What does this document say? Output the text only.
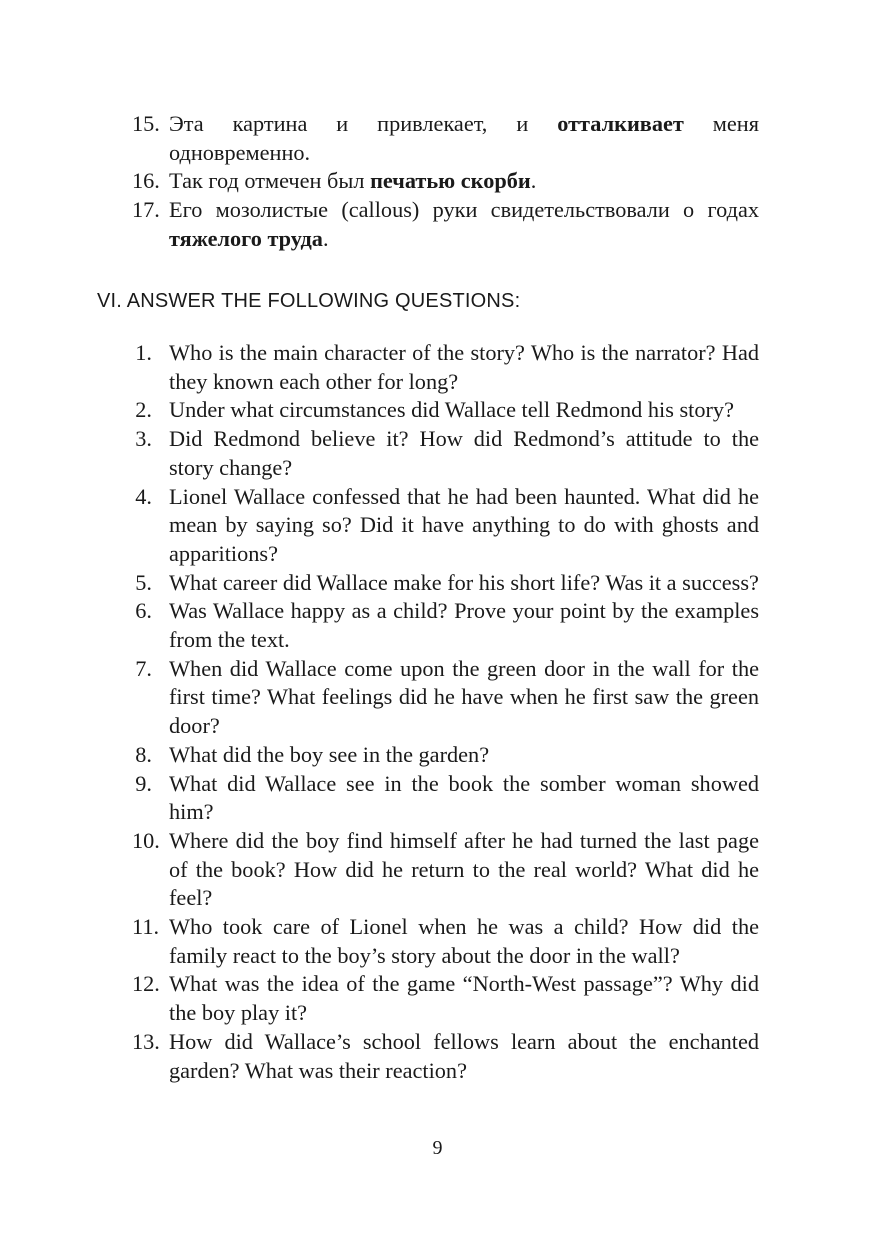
15. Эта картина и привлекает, и отталкивает меня одновременно.
16. Так год отмечен был печатью скорби.
17. Его мозолистые (callous) руки свидетельствовали о годах тяжелого труда.
VI. ANSWER THE FOLLOWING QUESTIONS:
1. Who is the main character of the story? Who is the narrator? Had they known each other for long?
2. Under what circumstances did Wallace tell Redmond his story?
3. Did Redmond believe it? How did Redmond’s attitude to the story change?
4. Lionel Wallace confessed that he had been haunted. What did he mean by saying so? Did it have anything to do with ghosts and apparitions?
5. What career did Wallace make for his short life? Was it a success?
6. Was Wallace happy as a child? Prove your point by the examples from the text.
7. When did Wallace come upon the green door in the wall for the first time? What feelings did he have when he first saw the green door?
8. What did the boy see in the garden?
9. What did Wallace see in the book the somber woman showed him?
10. Where did the boy find himself after he had turned the last page of the book? How did he return to the real world? What did he feel?
11. Who took care of Lionel when he was a child? How did the family react to the boy’s story about the door in the wall?
12. What was the idea of the game “North-West passage”? Why did the boy play it?
13. How did Wallace’s school fellows learn about the enchanted garden? What was their reaction?
9
